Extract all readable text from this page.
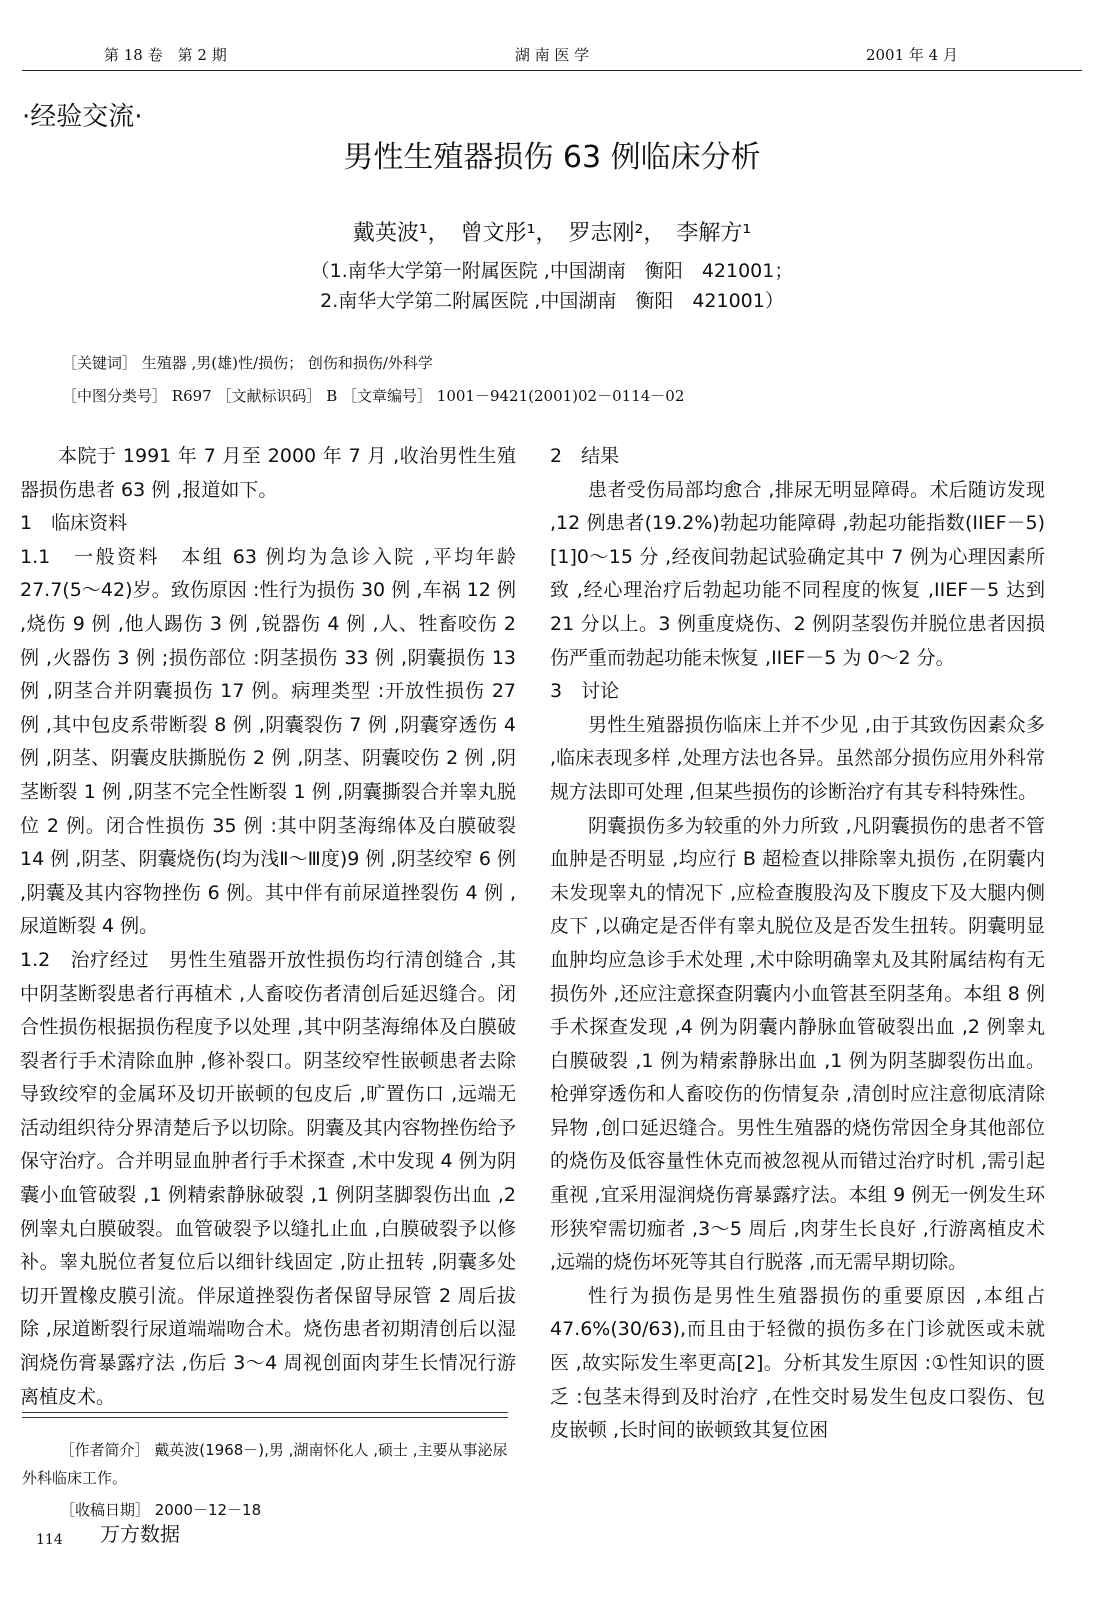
第 18 卷　第 2 期	湖 南 医 学	2001 年 4 月
·经验交流·
男性生殖器损伤 63 例临床分析
戴英波¹，　曾文彤¹，　罗志刚²，　李解方¹
（1.南华大学第一附属医院 ,中国湖南　衡阳　421001；
2.南华大学第二附属医院 ,中国湖南　衡阳　421001）
［关键词］ 生殖器 ,男(雄)性/损伤； 创伤和损伤/外科学
［中图分类号］ R697 ［文献标识码］ B ［文章编号］ 1001－9421(2001)02－0114－02

本院于 1991 年 7 月至 2000 年 7 月 ,收治男性生殖器损伤患者 63 例 ,报道如下。

1　临床资料

1.1　一般资料　本组 63 例均为急诊入院 ,平均年龄 27.7(5～42)岁。致伤原因 :性行为损伤 30 例 ,车祸 12 例 ,烧伤 9 例 ,他人踢伤 3 例 ,锐器伤 4 例 ,人、牲畜咬伤 2 例 ,火器伤 3 例 ;损伤部位 :阴茎损伤 33 例 ,阴囊损伤 13 例 ,阴茎合并阴囊损伤 17 例。病理类型 :开放性损伤 27 例 ,其中包皮系带断裂 8 例 ,阴囊裂伤 7 例 ,阴囊穿透伤 4 例 ,阴茎、阴囊皮肤撕脱伤 2 例 ,阴茎、阴囊咬伤 2 例 ,阴茎断裂 1 例 ,阴茎不完全性断裂 1 例 ,阴囊撕裂合并睾丸脱位 2 例。闭合性损伤 35 例 :其中阴茎海绵体及白膜破裂 14 例 ,阴茎、阴囊烧伤(均为浅Ⅱ～Ⅲ度)9 例 ,阴茎绞窄 6 例 ,阴囊及其内容物挫伤 6 例。其中伴有前尿道挫裂伤 4 例 ,尿道断裂 4 例。

1.2　治疗经过　男性生殖器开放性损伤均行清创缝合 ,其中阴茎断裂患者行再植术 ,人畜咬伤者清创后延迟缝合。闭合性损伤根据损伤程度予以处理 ,其中阴茎海绵体及白膜破裂者行手术清除血肿 ,修补裂口。阴茎绞窄性嵌顿患者去除导致绞窄的金属环及切开嵌顿的包皮后 ,旷置伤口 ,远端无活动组织待分界清楚后予以切除。阴囊及其内容物挫伤给予保守治疗。合并明显血肿者行手术探查 ,术中发现 4 例为阴囊小血管破裂 ,1 例精索静脉破裂 ,1 例阴茎脚裂伤出血 ,2 例睾丸白膜破裂。血管破裂予以缝扎止血 ,白膜破裂予以修补。睾丸脱位者复位后以细针线固定 ,防止扭转 ,阴囊多处切开置橡皮膜引流。伴尿道挫裂伤者保留导尿管 2 周后拔除 ,尿道断裂行尿道端端吻合术。烧伤患者初期清创后以湿润烧伤膏暴露疗法 ,伤后 3～4 周视创面肉芽生长情况行游离植皮术。

2　结果

患者受伤局部均愈合 ,排尿无明显障碍。术后随访发现 ,12 例患者(19.2%)勃起功能障碍 ,勃起功能指数(IIEF－5)[1]0～15 分 ,经夜间勃起试验确定其中 7 例为心理因素所致 ,经心理治疗后勃起功能不同程度的恢复 ,IIEF－5 达到 21 分以上。3 例重度烧伤、2 例阴茎裂伤并脱位患者因损伤严重而勃起功能未恢复 ,IIEF－5 为 0～2 分。

3　讨论

男性生殖器损伤临床上并不少见 ,由于其致伤因素众多 ,临床表现多样 ,处理方法也各异。虽然部分损伤应用外科常规方法即可处理 ,但某些损伤的诊断治疗有其专科特殊性。

阴囊损伤多为较重的外力所致 ,凡阴囊损伤的患者不管血肿是否明显 ,均应行 B 超检查以排除睾丸损伤 ,在阴囊内未发现睾丸的情况下 ,应检查腹股沟及下腹皮下及大腿内侧皮下 ,以确定是否伴有睾丸脱位及是否发生扭转。阴囊明显血肿均应急诊手术处理 ,术中除明确睾丸及其附属结构有无损伤外 ,还应注意探查阴囊内小血管甚至阴茎角。本组 8 例手术探查发现 ,4 例为阴囊内静脉血管破裂出血 ,2 例睾丸白膜破裂 ,1 例为精索静脉出血 ,1 例为阴茎脚裂伤出血。枪弹穿透伤和人畜咬伤的伤情复杂 ,清创时应注意彻底清除异物 ,创口延迟缝合。男性生殖器的烧伤常因全身其他部位的烧伤及低容量性休克而被忽视从而错过治疗时机 ,需引起重视 ,宜采用湿润烧伤膏暴露疗法。本组 9 例无一例发生环形狭窄需切痂者 ,3～5 周后 ,肉芽生长良好 ,行游离植皮术 ,远端的烧伤坏死等其自行脱落 ,而无需早期切除。

性行为损伤是男性生殖器损伤的重要原因 ,本组占 47.6%(30/63),而且由于轻微的损伤多在门诊就医或未就医 ,故实际发生率更高[2]。分析其发生原因 :①性知识的匮乏 :包茎未得到及时治疗 ,在性交时易发生包皮口裂伤、包皮嵌顿 ,长时间的嵌顿致其复位困

［作者简介］ 戴英波(1968－),男 ,湖南怀化人 ,硕士 ,主要从事泌尿外科临床工作。
［收稿日期］ 2000－12－18
114 万方数据
